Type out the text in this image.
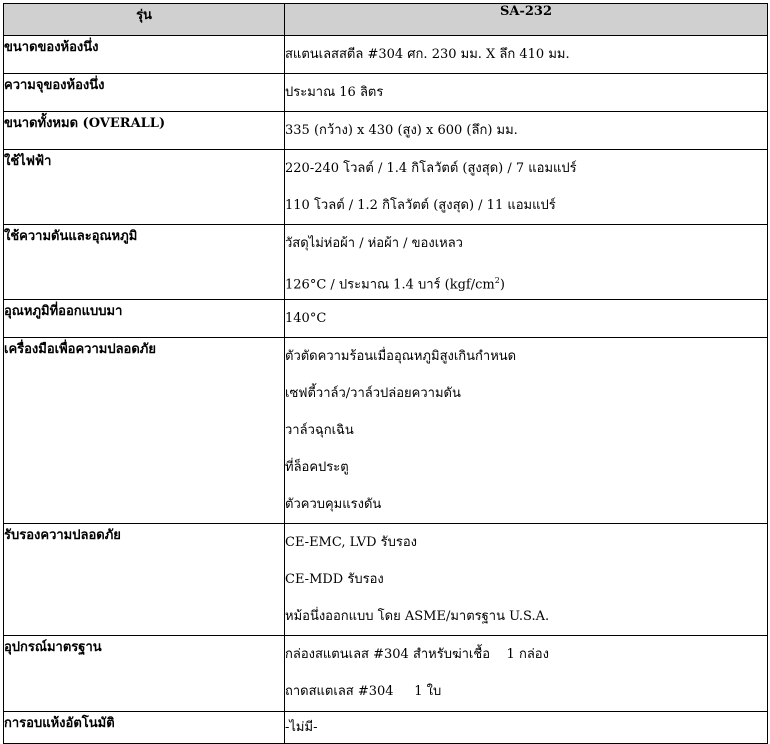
รุ่น	SA-232
ขนาดของห้องนึ่ง	สแตนเลสสตีล #304 ศก. 230 มม. X ลึก 410 มม.

ความจุของห้องนึ่ง	ประมาณ 16 ลิตร

ขนาดทั้งหมด (OVERALL)	335 (กว้าง) x 430 (สูง) x 600 (ลึก) มม.

ใช้ไฟฟ้า	220-240 โวลต์ / 1.4 กิโลวัตต์ (สูงสุด) / 7 แอมแปร์
110 โวลต์ / 1.2 กิโลวัตต์ (สูงสุด) / 11 แอมแปร์

ใช้ความดันและอุณหภูมิ	วัสดุไม่ห่อผ้า / ห่อผ้า / ของเหลว
126°C / ประมาณ 1.4 บาร์ $(kgf/cm^2)$

อุณหภูมิที่ออกแบบมา	140°C

เครื่องมือเพื่อความปลอดภัย	ตัวตัดความร้อนเมื่ออุณหภูมิสูงเกินกำหนด
เซฟตี้วาล์ว/วาล์วปล่อยความดัน
วาล์วฉุกเฉิน
ที่ล็อคประตู
ตัวควบคุมแรงดัน

รับรองความปลอดภัย	CE-EMC, LVD รับรอง
CE-MDD รับรอง
หม้อนึ่งออกแบบ โดย ASME/มาตรฐาน U.S.A.

อุปกรณ์มาตรฐาน	กล่องสแตนเลส #304 สำหรับฆ่าเชื้อ    1 กล่อง
ถาดสแตเลส #304     1 ใบ

การอบแห้งอัตโนมัติ	-ไม่มี-
